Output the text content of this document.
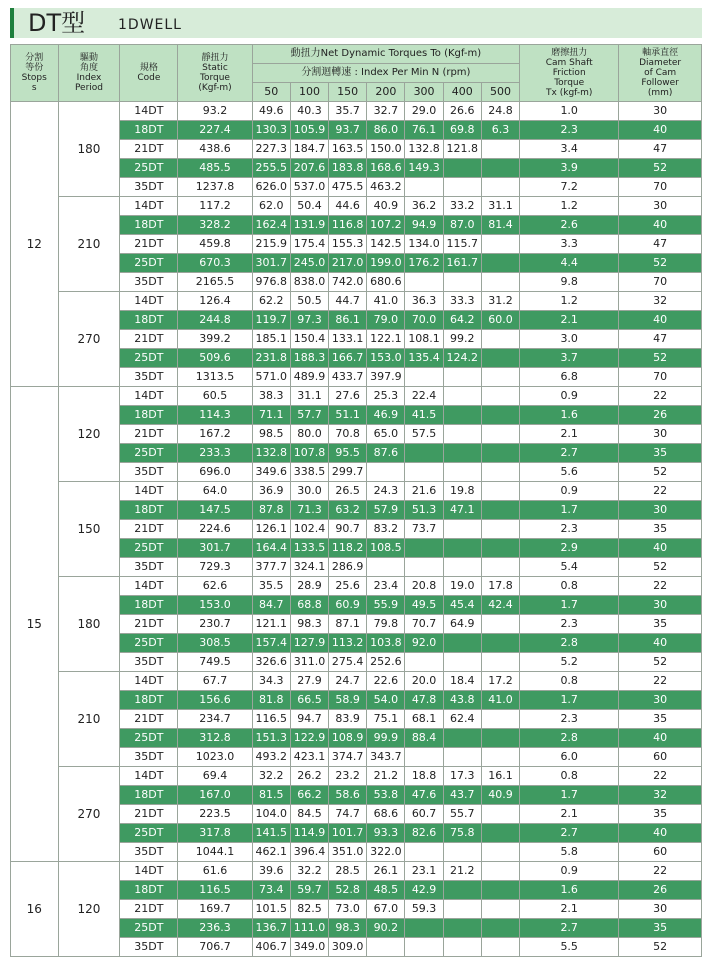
DT型 1DWELL
分割
等份
Stops
s	驅動
角度
Index
Period	規格
Code	靜扭力
Static
Torque
(Kgf-m)	動扭力Net Dynamic Torques To (Kgf-m)							磨擦扭力
Cam Shaft
Friction
Torque
Tx (kgf-m)	軸承直徑
Diameter
of Cam
Follower
(mm)
				分割迴轉速 : Index Per Min N (rpm)								
				50	100	150	200	300	400	500		
12	180	14DT	93.2	49.6	40.3	35.7	32.7	29.0	26.6	24.8	1.0	30
		18DT	227.4	130.3	105.9	93.7	86.0	76.1	69.8	6.3	2.3	40
		21DT	438.6	227.3	184.7	163.5	150.0	132.8	121.8		3.4	47
		25DT	485.5	255.5	207.6	183.8	168.6	149.3			3.9	52
		35DT	1237.8	626.0	537.0	475.5	463.2				7.2	70
	210	14DT	117.2	62.0	50.4	44.6	40.9	36.2	33.2	31.1	1.2	30
		18DT	328.2	162.4	131.9	116.8	107.2	94.9	87.0	81.4	2.6	40
		21DT	459.8	215.9	175.4	155.3	142.5	134.0	115.7		3.3	47
		25DT	670.3	301.7	245.0	217.0	199.0	176.2	161.7		4.4	52
		35DT	2165.5	976.8	838.0	742.0	680.6				9.8	70
	270	14DT	126.4	62.2	50.5	44.7	41.0	36.3	33.3	31.2	1.2	32
		18DT	244.8	119.7	97.3	86.1	79.0	70.0	64.2	60.0	2.1	40
		21DT	399.2	185.1	150.4	133.1	122.1	108.1	99.2		3.0	47
		25DT	509.6	231.8	188.3	166.7	153.0	135.4	124.2		3.7	52
		35DT	1313.5	571.0	489.9	433.7	397.9				6.8	70
15	120	14DT	60.5	38.3	31.1	27.6	25.3	22.4			0.9	22
		18DT	114.3	71.1	57.7	51.1	46.9	41.5			1.6	26
		21DT	167.2	98.5	80.0	70.8	65.0	57.5			2.1	30
		25DT	233.3	132.8	107.8	95.5	87.6				2.7	35
		35DT	696.0	349.6	338.5	299.7					5.6	52
	150	14DT	64.0	36.9	30.0	26.5	24.3	21.6	19.8		0.9	22
		18DT	147.5	87.8	71.3	63.2	57.9	51.3	47.1		1.7	30
		21DT	224.6	126.1	102.4	90.7	83.2	73.7			2.3	35
		25DT	301.7	164.4	133.5	118.2	108.5				2.9	40
		35DT	729.3	377.7	324.1	286.9					5.4	52
	180	14DT	62.6	35.5	28.9	25.6	23.4	20.8	19.0	17.8	0.8	22
		18DT	153.0	84.7	68.8	60.9	55.9	49.5	45.4	42.4	1.7	30
		21DT	230.7	121.1	98.3	87.1	79.8	70.7	64.9		2.3	35
		25DT	308.5	157.4	127.9	113.2	103.8	92.0			2.8	40
		35DT	749.5	326.6	311.0	275.4	252.6				5.2	52
	210	14DT	67.7	34.3	27.9	24.7	22.6	20.0	18.4	17.2	0.8	22
		18DT	156.6	81.8	66.5	58.9	54.0	47.8	43.8	41.0	1.7	30
		21DT	234.7	116.5	94.7	83.9	75.1	68.1	62.4		2.3	35
		25DT	312.8	151.3	122.9	108.9	99.9	88.4			2.8	40
		35DT	1023.0	493.2	423.1	374.7	343.7				6.0	60
	270	14DT	69.4	32.2	26.2	23.2	21.2	18.8	17.3	16.1	0.8	22
		18DT	167.0	81.5	66.2	58.6	53.8	47.6	43.7	40.9	1.7	32
		21DT	223.5	104.0	84.5	74.7	68.6	60.7	55.7		2.1	35
		25DT	317.8	141.5	114.9	101.7	93.3	82.6	75.8		2.7	40
		35DT	1044.1	462.1	396.4	351.0	322.0				5.8	60
16	120	14DT	61.6	39.6	32.2	28.5	26.1	23.1	21.2		0.9	22
		18DT	116.5	73.4	59.7	52.8	48.5	42.9			1.6	26
		21DT	169.7	101.5	82.5	73.0	67.0	59.3			2.1	30
		25DT	236.3	136.7	111.0	98.3	90.2				2.7	35
		35DT	706.7	406.7	349.0	309.0					5.5	52
